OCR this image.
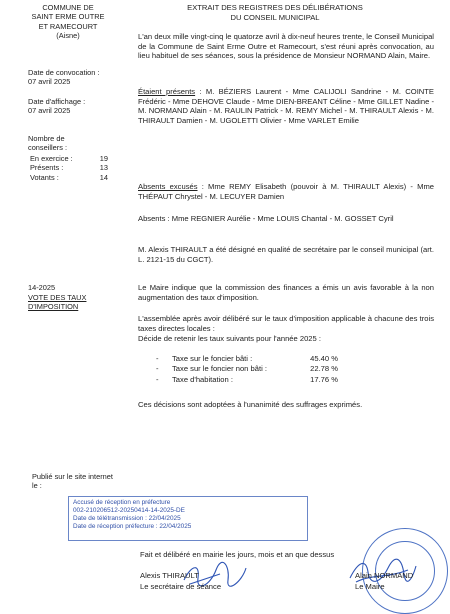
COMMUNE DE
SAINT ERME OUTRE
ET RAMECOURT
(Aisne)
EXTRAIT DES REGISTRES DES DÉLIBÉRATIONS
DU CONSEIL MUNICIPAL
Date de convocation :
07 avril 2025
Date d'affichage :
07 avril 2025
Nombre de
conseillers :
En exercice :	19
Présents :	13
Votants :	14
L'an deux mille vingt-cinq le quatorze avril à dix-neuf heures trente, le Conseil Municipal de la Commune de Saint Erme Outre et Ramecourt, s'est réuni après convocation, au lieu habituel de ses séances, sous la présidence de Monsieur NORMAND Alain, Maire.
Étaient présents : M. BÉZIERS Laurent - Mme CALIJOLI Sandrine - M. COINTE Frédéric - Mme DEHOVE Claude - Mme DIEN-BREANT Céline - Mme GILLET Nadine - M. NORMAND Alain - M. RAULIN Patrick - M. REMY Michel - M. THIRAULT Alexis - M. THIRAULT Damien - M. UGOLETTI Olivier - Mme VARLET Emilie
Absents excusés : Mme REMY Elisabeth (pouvoir à M. THIRAULT Alexis) - Mme THÉPAUT Chrystel - M. LECUYER Damien
Absents : Mme REGNIER Aurélie - Mme LOUIS Chantal - M. GOSSET Cyril
M. Alexis THIRAULT a été désigné en qualité de secrétaire par le conseil municipal (art. L. 2121-15 du CGCT).
14-2025
VOTE DES TAUX
D'IMPOSITION
Le Maire indique que la commission des finances a émis un avis favorable à la non augmentation des taux d'imposition.
L'assemblée après avoir délibéré sur le taux d'imposition applicable à chacune des trois taxes directes locales :
Décide de retenir les taux suivants pour l'année 2025 :
-	Taxe sur le foncier bâti :	45.40 %
-	Taxe sur le foncier non bâti :	22.78 %
-	Taxe d'habitation :	17.76 %
Ces décisions sont adoptées à l'unanimité des suffrages exprimés.
Publié sur le site internet
le :
Accusé de réception en préfecture
002-210206512-20250414-14-2025-DE
Date de télétransmission : 22/04/2025
Date de réception préfecture : 22/04/2025
Fait et délibéré en mairie les jours, mois et an que dessus
Alexis THIRAULT
Le secrétaire de séance
Alain NORMAND
Le Maire
